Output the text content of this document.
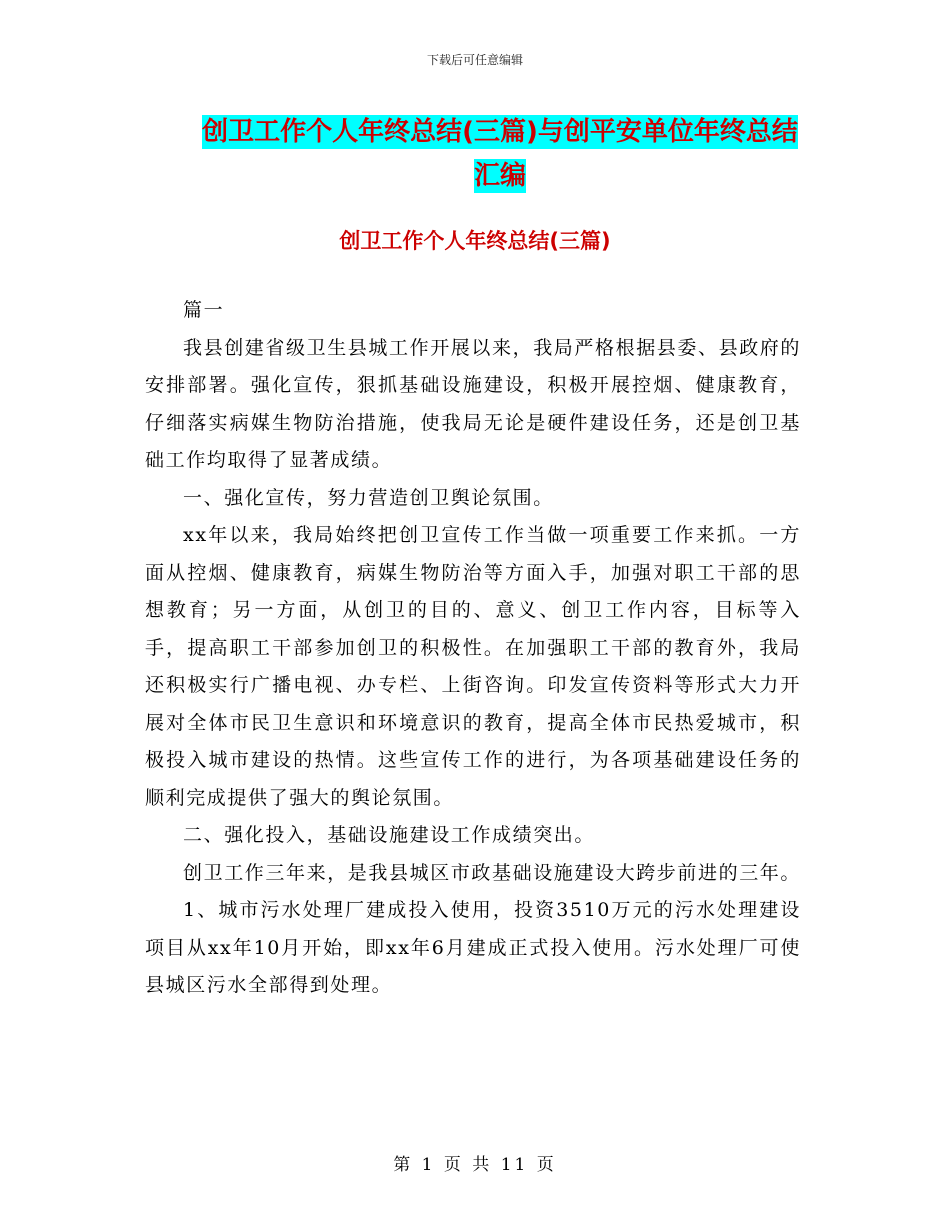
下载后可任意编辑
创卫工作个人年终总结(三篇)与创平安单位年终总结
汇编
创卫工作个人年终总结(三篇)

篇一

我县创建省级卫生县城工作开展以来，我局严格根据县委、县政府的安排部署。强化宣传，狠抓基础设施建设，积极开展控烟、健康教育，仔细落实病媒生物防治措施，使我局无论是硬件建设任务，还是创卫基础工作均取得了显著成绩。

一、强化宣传，努力营造创卫舆论氛围。

xx年以来，我局始终把创卫宣传工作当做一项重要工作来抓。一方面从控烟、健康教育，病媒生物防治等方面入手，加强对职工干部的思想教育；另一方面，从创卫的目的、意义、创卫工作内容，目标等入手，提高职工干部参加创卫的积极性。在加强职工干部的教育外，我局还积极实行广播电视、办专栏、上街咨询。印发宣传资料等形式大力开展对全体市民卫生意识和环境意识的教育，提高全体市民热爱城市，积极投入城市建设的热情。这些宣传工作的进行，为各项基础建设任务的顺利完成提供了强大的舆论氛围。

二、强化投入，基础设施建设工作成绩突出。

创卫工作三年来，是我县城区市政基础设施建设大跨步前进的三年。

1、城市污水处理厂建成投入使用，投资3510万元的污水处理建设项目从xx年10月开始，即xx年6月建成正式投入使用。污水处理厂可使县城区污水全部得到处理。

第 1 页 共 11 页
